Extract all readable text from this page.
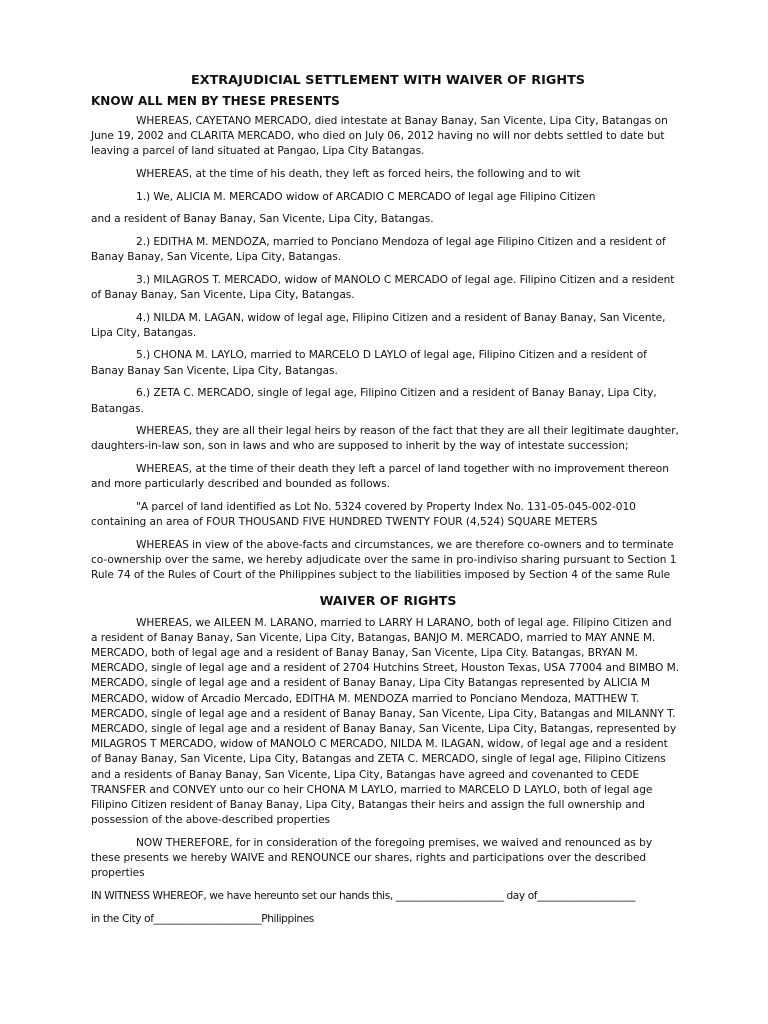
EXTRAJUDICIAL SETTLEMENT WITH WAIVER OF RIGHTS

KNOW ALL MEN BY THESE PRESENTS

WHEREAS, CAYETANO MERCADO, died intestate at Banay Banay, San Vicente, Lipa City, Batangas on June 19, 2002 and CLARITA MERCADO, who died on July 06, 2012 having no will nor debts settled to date but leaving a parcel of land situated at Pangao, Lipa City Batangas.

WHEREAS, at the time of his death, they left as forced heirs, the following and to wit

1.) We, ALICIA M. MERCADO widow of ARCADIO C MERCADO of legal age Filipino Citizen

and a resident of Banay Banay, San Vicente, Lipa City, Batangas.

2.) EDITHA M. MENDOZA, married to Ponciano Mendoza of legal age Filipino Citizen and a resident of Banay Banay, San Vicente, Lipa City, Batangas.

3.) MILAGROS T. MERCADO, widow of MANOLO C MERCADO of legal age. Filipino Citizen and a resident of Banay Banay, San Vicente, Lipa City, Batangas.

4.) NILDA M. LAGAN, widow of legal age, Filipino Citizen and a resident of Banay Banay, San Vicente, Lipa City, Batangas.

5.) CHONA M. LAYLO, married to MARCELO D LAYLO of legal age, Filipino Citizen and a resident of Banay Banay San Vicente, Lipa City, Batangas.

6.) ZETA C. MERCADO, single of legal age, Filipino Citizen and a resident of Banay Banay, Lipa City, Batangas.

WHEREAS, they are all their legal heirs by reason of the fact that they are all their legitimate daughter, daughters-in-law son, son in laws and who are supposed to inherit by the way of intestate succession;

WHEREAS, at the time of their death they left a parcel of land together with no improvement thereon and more particularly described and bounded as follows.

"A parcel of land identified as Lot No. 5324 covered by Property Index No. 131-05-045-002-010 containing an area of FOUR THOUSAND FIVE HUNDRED TWENTY FOUR (4,524) SQUARE METERS

WHEREAS in view of the above-facts and circumstances, we are therefore co-owners and to terminate co-ownership over the same, we hereby adjudicate over the same in pro-indiviso sharing pursuant to Section 1 Rule 74 of the Rules of Court of the Philippines subject to the liabilities imposed by Section 4 of the same Rule

WAIVER OF RIGHTS

WHEREAS, we AILEEN M. LARANO, married to LARRY H LARANO, both of legal age. Filipino Citizen and a resident of Banay Banay, San Vicente, Lipa City, Batangas, BANJO M. MERCADO, married to MAY ANNE M. MERCADO, both of legal age and a resident of Banay Banay, San Vicente, Lipa City. Batangas, BRYAN M. MERCADO, single of legal age and a resident of 2704 Hutchins Street, Houston Texas, USA 77004 and BIMBO M. MERCADO, single of legal age and a resident of Banay Banay, Lipa City Batangas represented by ALICIA M MERCADO, widow of Arcadio Mercado, EDITHA M. MENDOZA married to Ponciano Mendoza, MATTHEW T. MERCADO, single of legal age and a resident of Banay Banay, San Vicente, Lipa City, Batangas and MILANNY T. MERCADO, single of legal age and a resident of Banay Banay, San Vicente, Lipa City, Batangas, represented by MILAGROS T MERCADO, widow of MANOLO C MERCADO, NILDA M. ILAGAN, widow, of legal age and a resident of Banay Banay, San Vicente, Lipa City, Batangas and ZETA C. MERCADO, single of legal age, Filipino Citizens and a residents of Banay Banay, San Vicente, Lipa City, Batangas have agreed and covenanted to CEDE TRANSFER and CONVEY unto our co heir CHONA M LAYLO, married to MARCELO D LAYLO, both of legal age Filipino Citizen resident of Banay Banay, Lipa City, Batangas their heirs and assign the full ownership and possession of the above-described properties

NOW THEREFORE, for in consideration of the foregoing premises, we waived and renounced as by these presents we hereby WAIVE and RENOUNCE our shares, rights and participations over the described properties

IN WITNESS WHEREOF, we have hereunto set our hands this, ______________________ day of____________________

in the City of______________________Philippines
